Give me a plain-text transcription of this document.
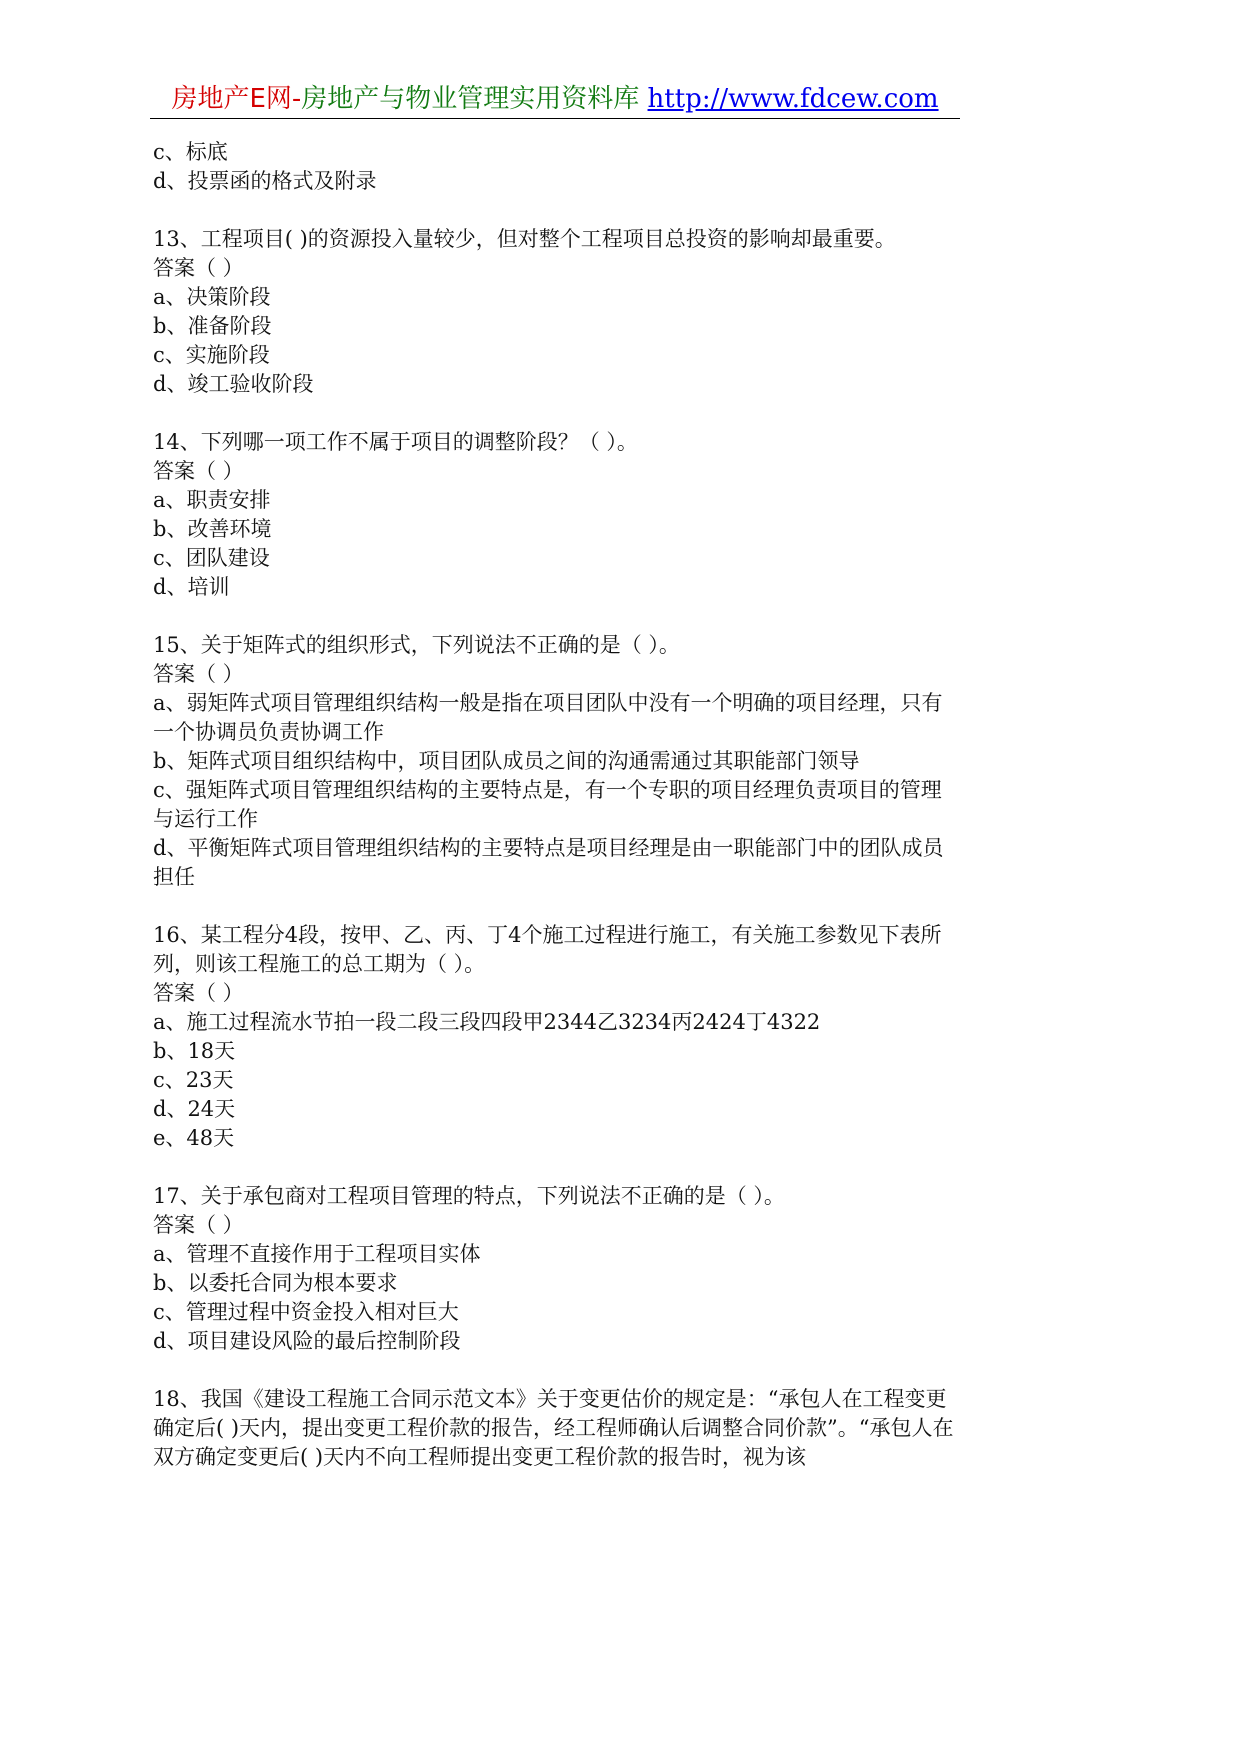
房地产E网-房地产与物业管理实用资料库 http://www.fdcew.com
c、标底
d、投票函的格式及附录
13、工程项目( )的资源投入量较少，但对整个工程项目总投资的影响却最重要。
答案（ ）
a、决策阶段
b、准备阶段
c、实施阶段
d、竣工验收阶段
14、下列哪一项工作不属于项目的调整阶段？（ ）。
答案（ ）
a、职责安排
b、改善环境
c、团队建设
d、培训
15、关于矩阵式的组织形式，下列说法不正确的是（ ）。
答案（ ）
a、弱矩阵式项目管理组织结构一般是指在项目团队中没有一个明确的项目经理，只有一个协调员负责协调工作
b、矩阵式项目组织结构中，项目团队成员之间的沟通需通过其职能部门领导
c、强矩阵式项目管理组织结构的主要特点是，有一个专职的项目经理负责项目的管理与运行工作
d、平衡矩阵式项目管理组织结构的主要特点是项目经理是由一职能部门中的团队成员担任
16、某工程分4段，按甲、乙、丙、丁4个施工过程进行施工，有关施工参数见下表所列，则该工程施工的总工期为（ ）。
答案（ ）
a、施工过程流水节拍一段二段三段四段甲2344乙3234丙2424丁4322
b、18天
c、23天
d、24天
e、48天
17、关于承包商对工程项目管理的特点，下列说法不正确的是（ ）。
答案（ ）
a、管理不直接作用于工程项目实体
b、以委托合同为根本要求
c、管理过程中资金投入相对巨大
d、项目建设风险的最后控制阶段
18、我国《建设工程施工合同示范文本》关于变更估价的规定是：“承包人在工程变更确定后( )天内，提出变更工程价款的报告，经工程师确认后调整合同价款”。“承包人在双方确定变更后( )天内不向工程师提出变更工程价款的报告时，视为该
